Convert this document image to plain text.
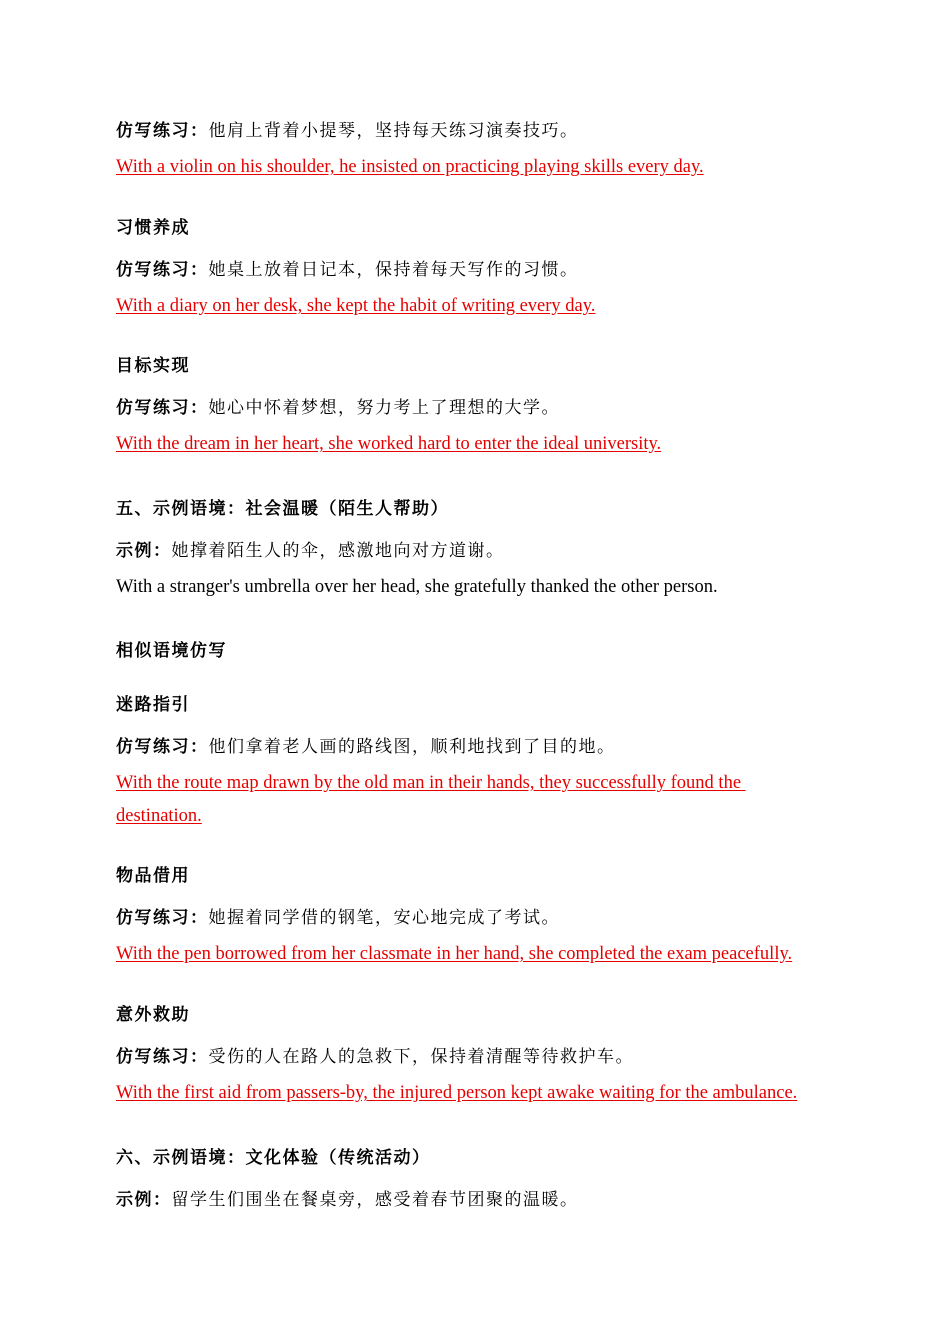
仿写练习：他肩上背着小提琴，坚持每天练习演奏技巧。
With a violin on his shoulder, he insisted on practicing playing skills every day.
习惯养成
仿写练习：她桌上放着日记本，保持着每天写作的习惯。
With a diary on her desk, she kept the habit of writing every day.
目标实现
仿写练习：她心中怀着梦想，努力考上了理想的大学。
With the dream in her heart, she worked hard to enter the ideal university.
五、示例语境：社会温暖（陌生人帮助）
示例：她撑着陌生人的伞，感激地向对方道谢。
With a stranger's umbrella over her head, she gratefully thanked the other person.
相似语境仿写
迷路指引
仿写练习：他们拿着老人画的路线图，顺利地找到了目的地。
With the route map drawn by the old man in their hands, they successfully found the
destination.
物品借用
仿写练习：她握着同学借的钢笔，安心地完成了考试。
With the pen borrowed from her classmate in her hand, she completed the exam peacefully.
意外救助
仿写练习：受伤的人在路人的急救下，保持着清醒等待救护车。
With the first aid from passers-by, the injured person kept awake waiting for the ambulance.
六、示例语境：文化体验（传统活动）
示例：留学生们围坐在餐桌旁，感受着春节团聚的温暖。
